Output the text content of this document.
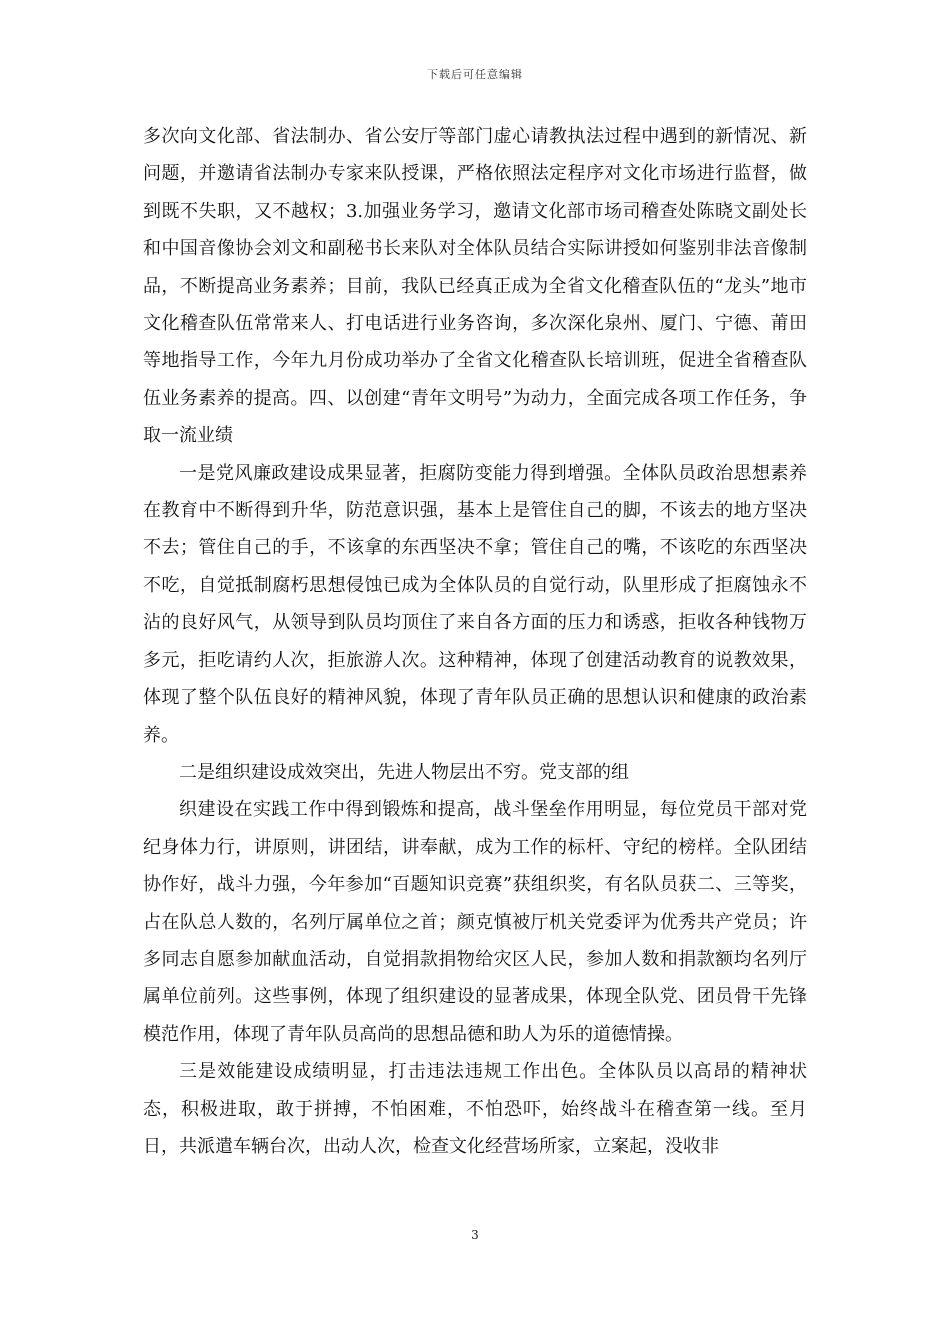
下载后可任意编辑

多次向文化部、省法制办、省公安厅等部门虚心请教执法过程中遇到的新情况、新问题，并邀请省法制办专家来队授课，严格依照法定程序对文化市场进行监督，做到既不失职，又不越权；3.加强业务学习，邀请文化部市场司稽查处陈晓文副处长和中国音像协会刘文和副秘书长来队对全体队员结合实际讲授如何鉴别非法音像制品，不断提高业务素养；目前，我队已经真正成为全省文化稽查队伍的“龙头”地市文化稽查队伍常常来人、打电话进行业务咨询，多次深化泉州、厦门、宁德、莆田等地指导工作，今年九月份成功举办了全省文化稽查队长培训班，促进全省稽查队伍业务素养的提高。四、以创建“青年文明号”为动力，全面完成各项工作任务，争取一流业绩

一是党风廉政建设成果显著，拒腐防变能力得到增强。全体队员政治思想素养在教育中不断得到升华，防范意识强，基本上是管住自己的脚，不该去的地方坚决不去；管住自己的手，不该拿的东西坚决不拿；管住自己的嘴，不该吃的东西坚决不吃，自觉抵制腐朽思想侵蚀已成为全体队员的自觉行动，队里形成了拒腐蚀永不沾的良好风气，从领导到队员均顶住了来自各方面的压力和诱惑，拒收各种钱物万多元，拒吃请约人次，拒旅游人次。这种精神，体现了创建活动教育的说教效果，体现了整个队伍良好的精神风貌，体现了青年队员正确的思想认识和健康的政治素养。

二是组织建设成效突出，先进人物层出不穷。党支部的组

织建设在实践工作中得到锻炼和提高，战斗堡垒作用明显，每位党员干部对党纪身体力行，讲原则，讲团结，讲奉献，成为工作的标杆、守纪的榜样。全队团结协作好，战斗力强，今年参加“百题知识竞赛”获组织奖，有名队员获二、三等奖，占在队总人数的，名列厅属单位之首；颜克慎被厅机关党委评为优秀共产党员；许多同志自愿参加献血活动，自觉捐款捐物给灾区人民，参加人数和捐款额均名列厅属单位前列。这些事例，体现了组织建设的显著成果，体现全队党、团员骨干先锋模范作用，体现了青年队员高尚的思想品德和助人为乐的道德情操。

三是效能建设成绩明显，打击违法违规工作出色。全体队员以高昂的精神状态，积极进取，敢于拼搏，不怕困难，不怕恐吓，始终战斗在稽查第一线。至月日，共派遣车辆台次，出动人次，检查文化经营场所家，立案起，没收非

3
